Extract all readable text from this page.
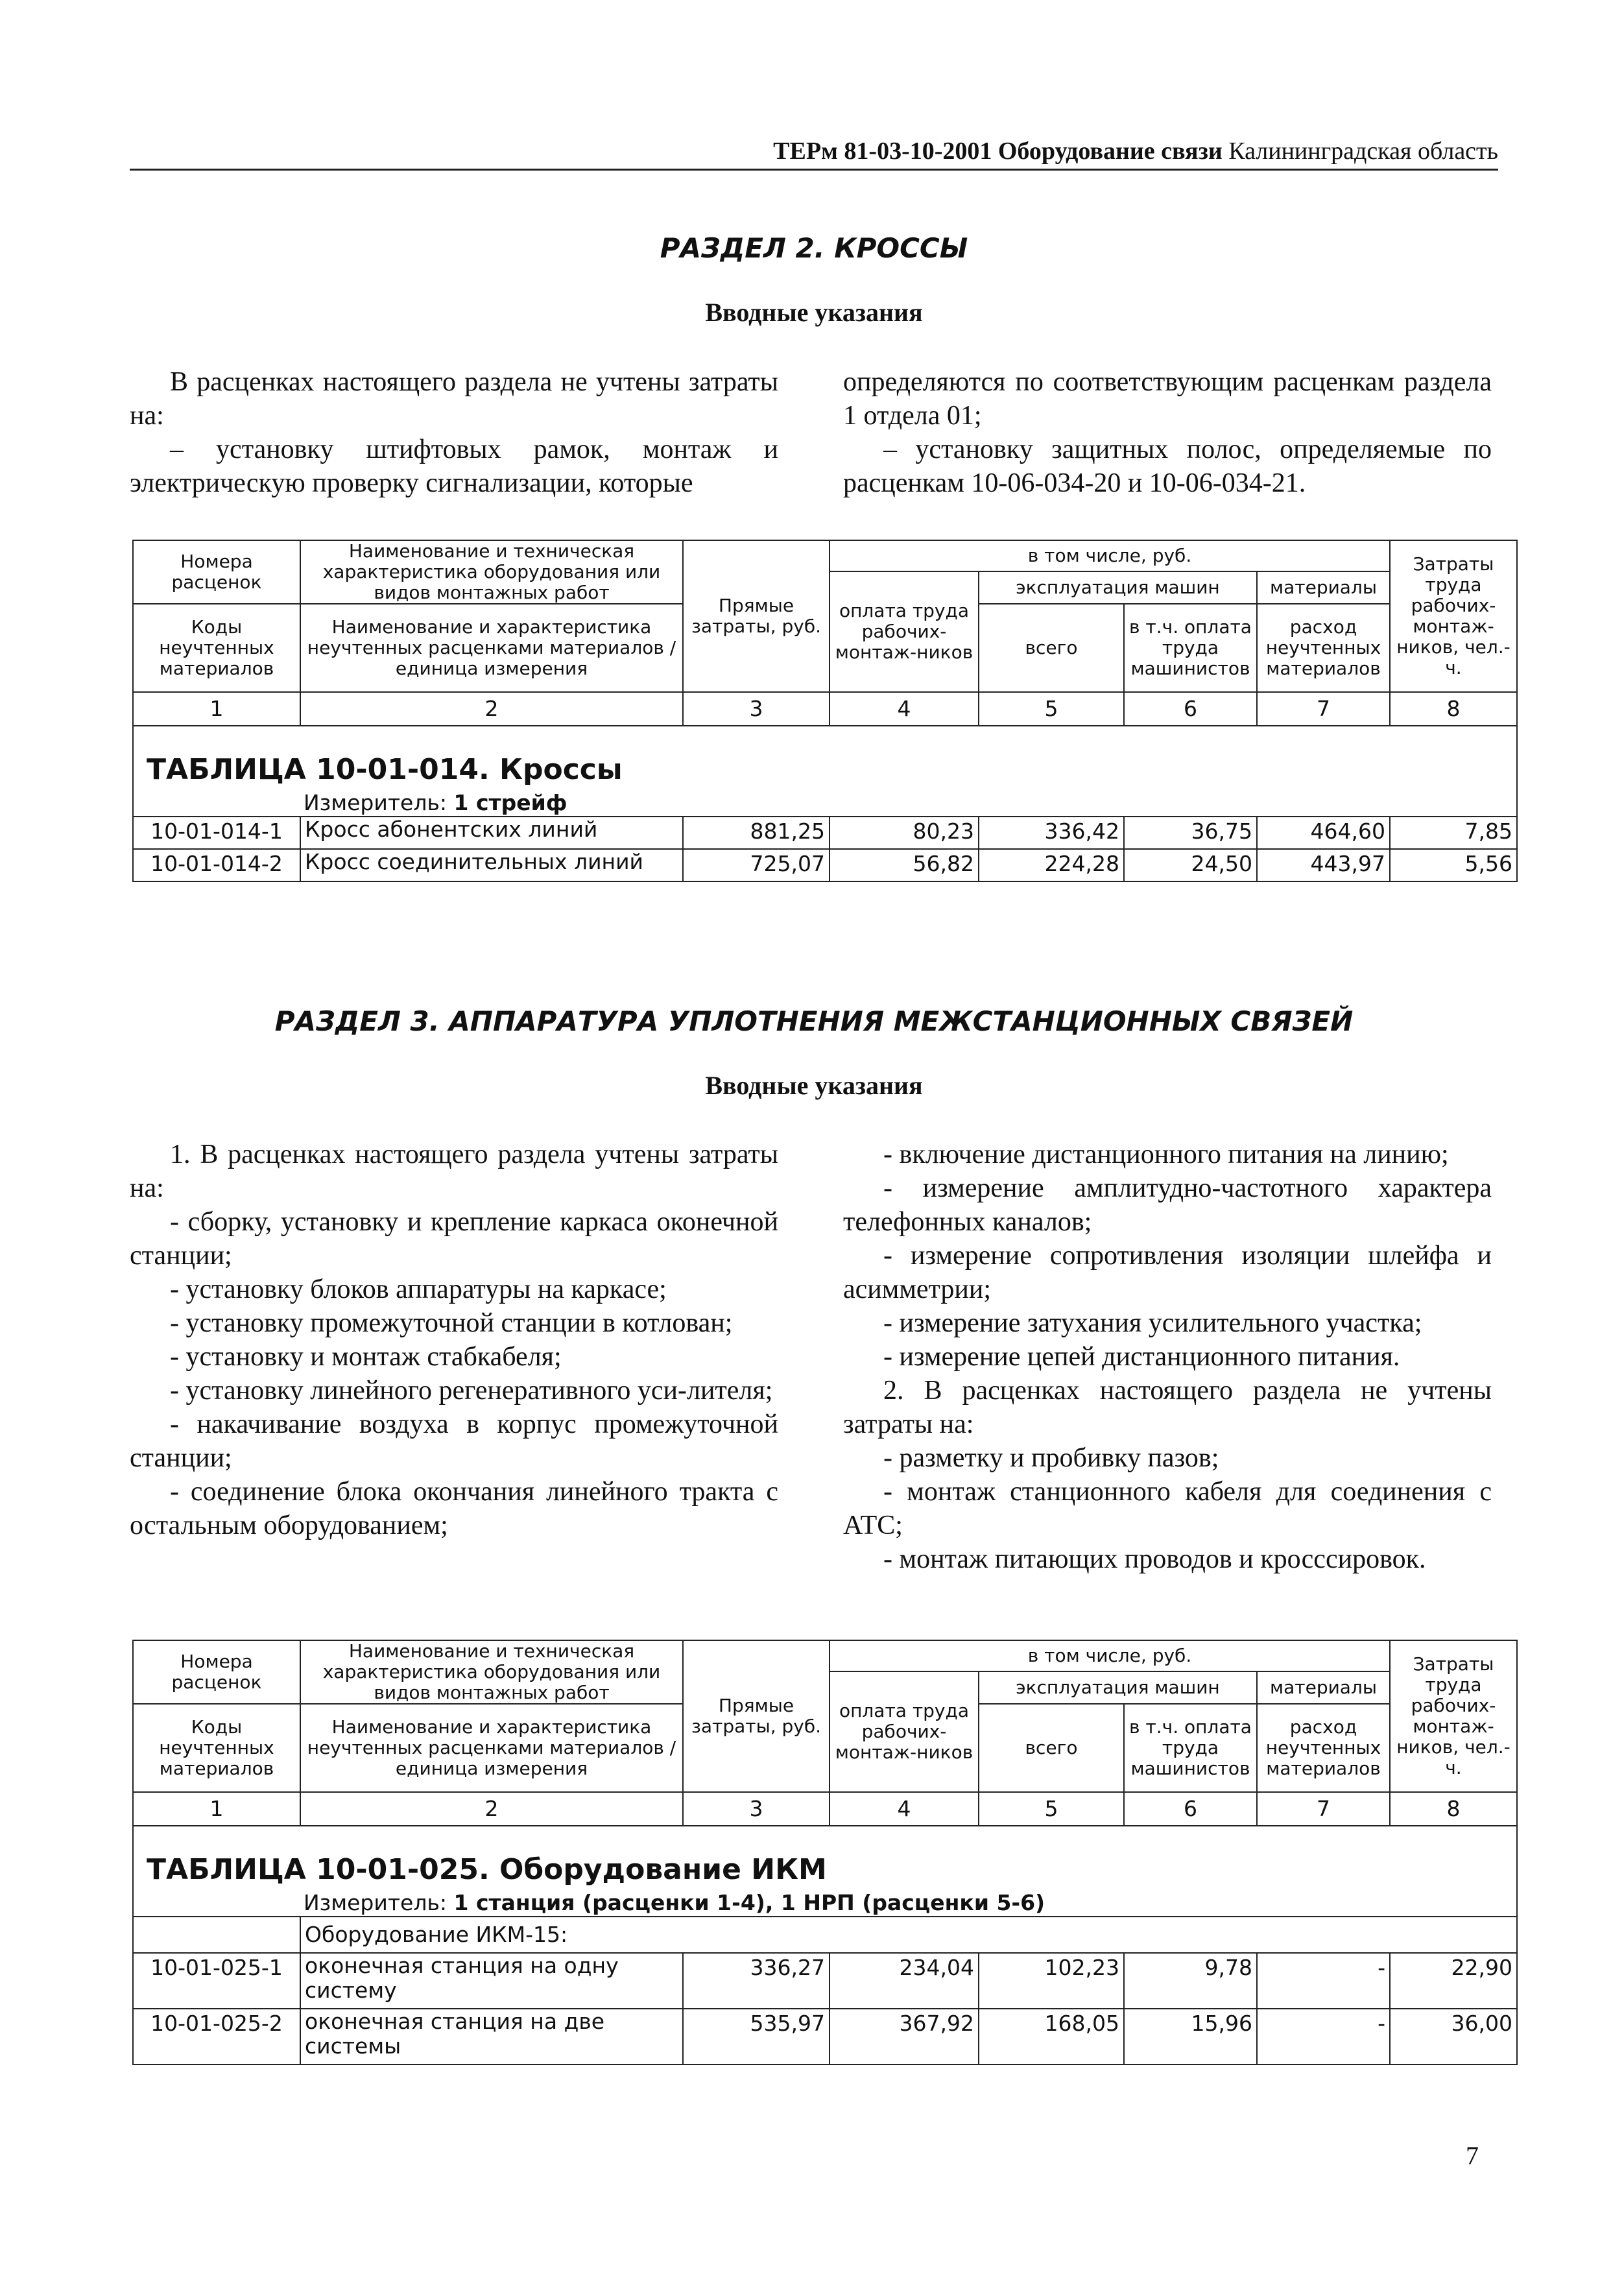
ТЕРм 81-03-10-2001 Оборудование связи Калининградская область
РАЗДЕЛ 2. КРОССЫ
Вводные указания

В расценках настоящего раздела не учтены затраты на:

– установку штифтовых рамок, монтаж и электрическую проверку сигнализации, которые

определяются по соответствующим расценкам раздела 1 отдела 01;

– установку защитных полос, определяемые по расценкам 10-06-034-20 и 10-06-034-21.

Номера расценок	Наименование и техническая характеристика оборудования или видов монтажных работ	Прямые затраты, руб.	в том числе, руб.				Затраты труда рабочих-монтаж-ников, чел.-ч.
			оплата труда рабочих-монтаж-ников	эксплуатация машин		материалы	
Коды неучтенных материалов	Наименование и характеристика неучтенных расценками материалов / единица измерения			всего	в т.ч. оплата труда машинистов	расход неучтенных материалов	

1	2	3	4	5	6	7	8
ТАБЛИЦА 10-01-014. Кроссы							
Измеритель: 1 стрейф							
10-01-014-1	Кросс абонентских линий	881,25	80,23	336,42	36,75	464,60	7,85
10-01-014-2	Кросс соединительных линий	725,07	56,82	224,28	24,50	443,97	5,56
РАЗДЕЛ 3. АППАРАТУРА УПЛОТНЕНИЯ МЕЖСТАНЦИОННЫХ СВЯЗЕЙ
Вводные указания

1. В расценках настоящего раздела учтены затраты на:

- сборку, установку и крепление каркаса оконечной станции;

- установку блоков аппаратуры на каркасе;

- установку промежуточной станции в котлован;

- установку и монтаж стабкабеля;

- установку линейного регенеративного уси-лителя;

- накачивание воздуха в корпус промежуточной станции;

- соединение блока окончания линейного тракта с остальным оборудованием;

- включение дистанционного питания на линию;

- измерение амплитудно-частотного характера телефонных каналов;

- измерение сопротивления изоляции шлейфа и асимметрии;

- измерение затухания усилительного участка;

- измерение цепей дистанционного питания.

2. В расценках настоящего раздела не учтены затраты на:

- разметку и пробивку пазов;

- монтаж станционного кабеля для соединения с АТС;

- монтаж питающих проводов и кросссировок.

Номера расценок	Наименование и техническая характеристика оборудования или видов монтажных работ	Прямые затраты, руб.	в том числе, руб.				Затраты труда рабочих-монтаж-ников, чел.-ч.
			оплата труда рабочих-монтаж-ников	эксплуатация машин		материалы	
Коды неучтенных материалов	Наименование и характеристика неучтенных расценками материалов / единица измерения			всего	в т.ч. оплата труда машинистов	расход неучтенных материалов	

1	2	3	4	5	6	7	8
ТАБЛИЦА 10-01-025. Оборудование ИКМ							
Измеритель: 1 станция (расценки 1-4), 1 НРП (расценки 5-6)							
	Оборудование ИКМ-15:						
10-01-025-1	оконечная станция на одну систему	336,27	234,04	102,23	9,78	-	22,90
10-01-025-2	оконечная станция на две системы	535,97	367,92	168,05	15,96	-	36,00
7
